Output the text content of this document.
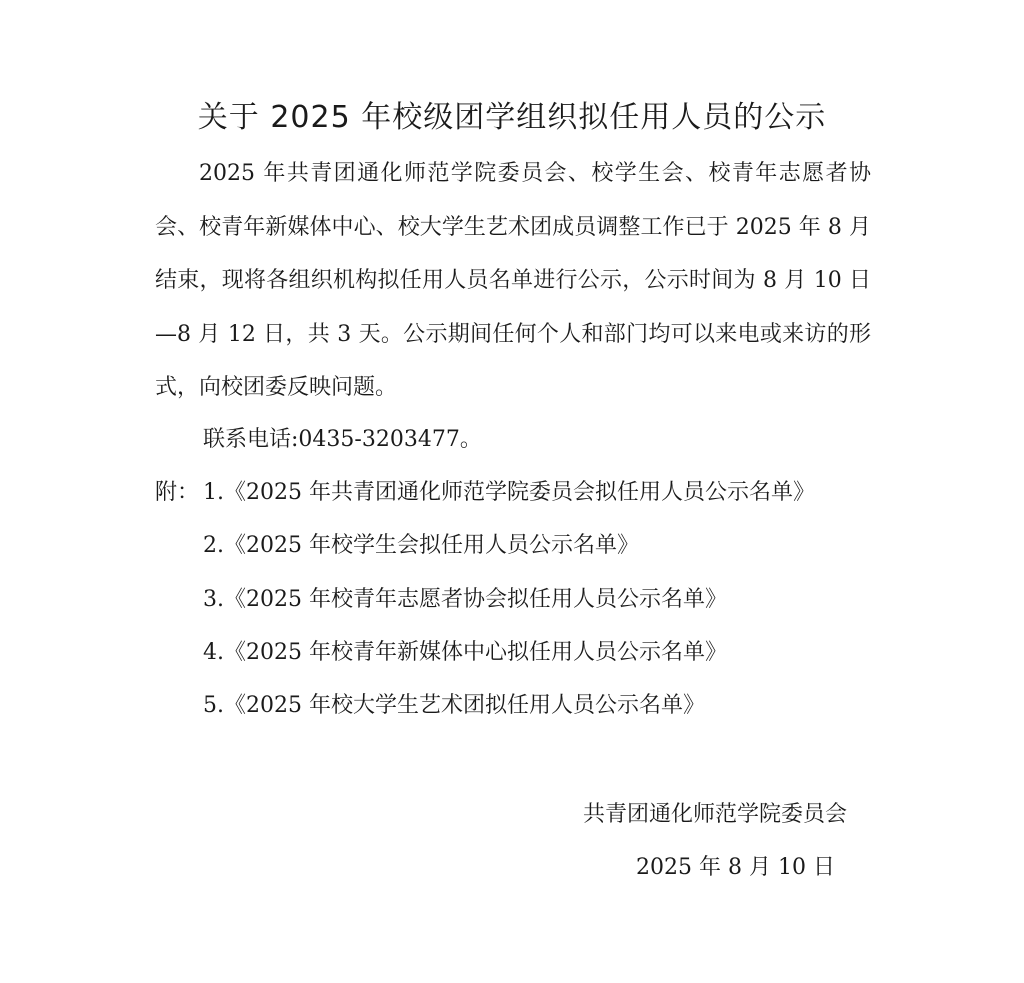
关于 2025 年校级团学组织拟任用人员的公示

2025 年共青团通化师范学院委员会、校学生会、校青年志愿者协会、校青年新媒体中心、校大学生艺术团成员调整工作已于 2025 年 8 月结束，现将各组织机构拟任用人员名单进行公示，公示时间为 8 月 10 日—8 月 12 日，共 3 天。公示期间任何个人和部门均可以来电或来访的形式，向校团委反映问题。

联系电话:0435-3203477。
附： 1.《2025 年共青团通化师范学院委员会拟任用人员公示名单》
2.《2025 年校学生会拟任用人员公示名单》
3.《2025 年校青年志愿者协会拟任用人员公示名单》
4.《2025 年校青年新媒体中心拟任用人员公示名单》
5.《2025 年校大学生艺术团拟任用人员公示名单》
共青团通化师范学院委员会
2025 年 8 月 10 日
